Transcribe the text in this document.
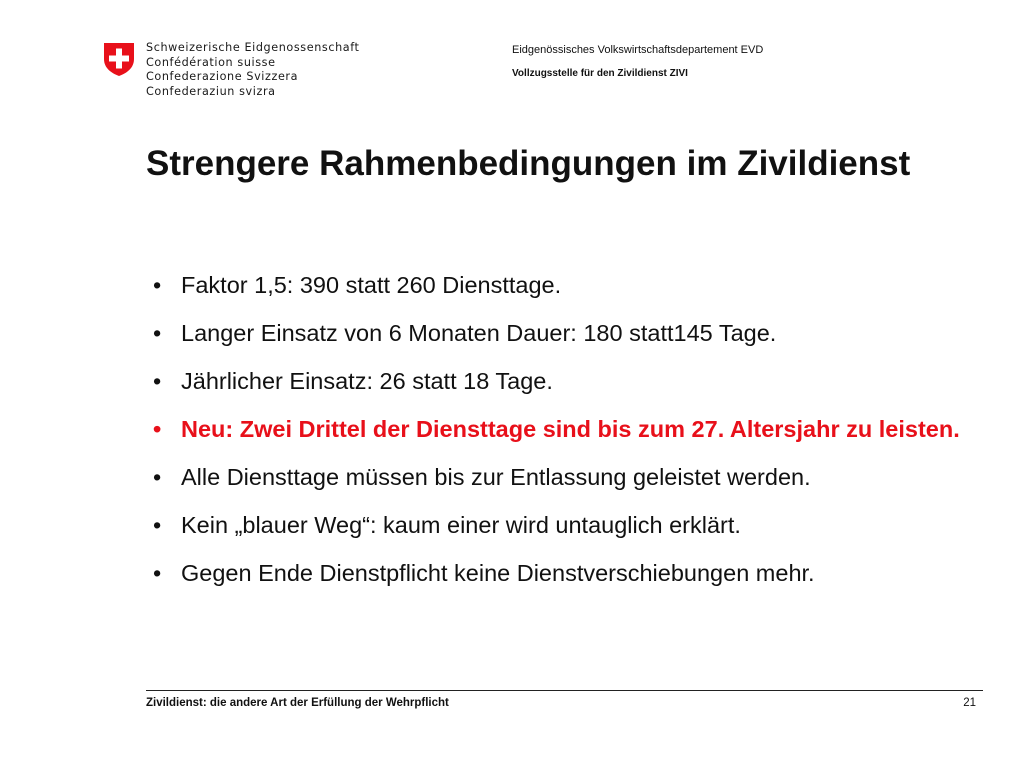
Schweizerische Eidgenossenschaft
Confédération suisse
Confederazione Svizzera
Confederaziun svizra
Eidgenössisches Volkswirtschaftsdepartement EVD
Vollzugsstelle für den Zivildienst ZIVI
Strengere Rahmenbedingungen im Zivildienst
• Faktor 1,5: 390 statt 260 Diensttage.
• Langer Einsatz von 6 Monaten Dauer: 180 statt145 Tage.
• Jährlicher Einsatz: 26 statt 18 Tage.
• Neu: Zwei Drittel der Diensttage sind bis zum 27. Altersjahr zu leisten.
• Alle Diensttage müssen bis zur Entlassung geleistet werden.
• Kein „blauer Weg“: kaum einer wird untauglich erklärt.
• Gegen Ende Dienstpflicht keine Dienstverschiebungen mehr.
Zivildienst: die andere Art der Erfüllung der Wehrpflicht	21
